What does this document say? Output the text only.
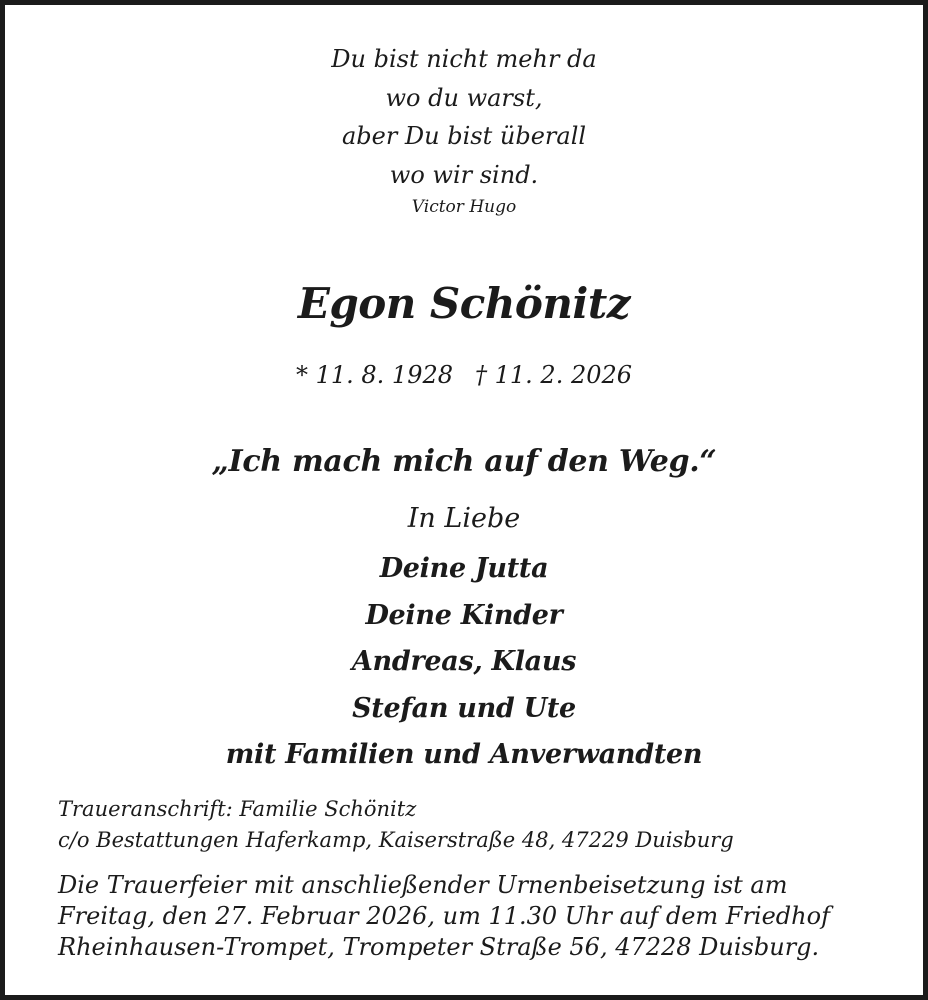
Du bist nicht mehr da
wo du warst,
aber Du bist überall
wo wir sind.
Victor Hugo
Egon Schönitz
* 11. 8. 1928 † 11. 2. 2026
„Ich mach mich auf den Weg.“
In Liebe
Deine Jutta
Deine Kinder
Andreas, Klaus
Stefan und Ute
mit Familien und Anverwandten
Traueranschrift: Familie Schönitz
c/o Bestattungen Haferkamp, Kaiserstraße 48, 47229 Duisburg
Die Trauerfeier mit anschließender Urnenbeisetzung ist am
Freitag, den 27. Februar 2026, um 11.30 Uhr auf dem Friedhof
Rheinhausen-Trompet, Trompeter Straße 56, 47228 Duisburg.
